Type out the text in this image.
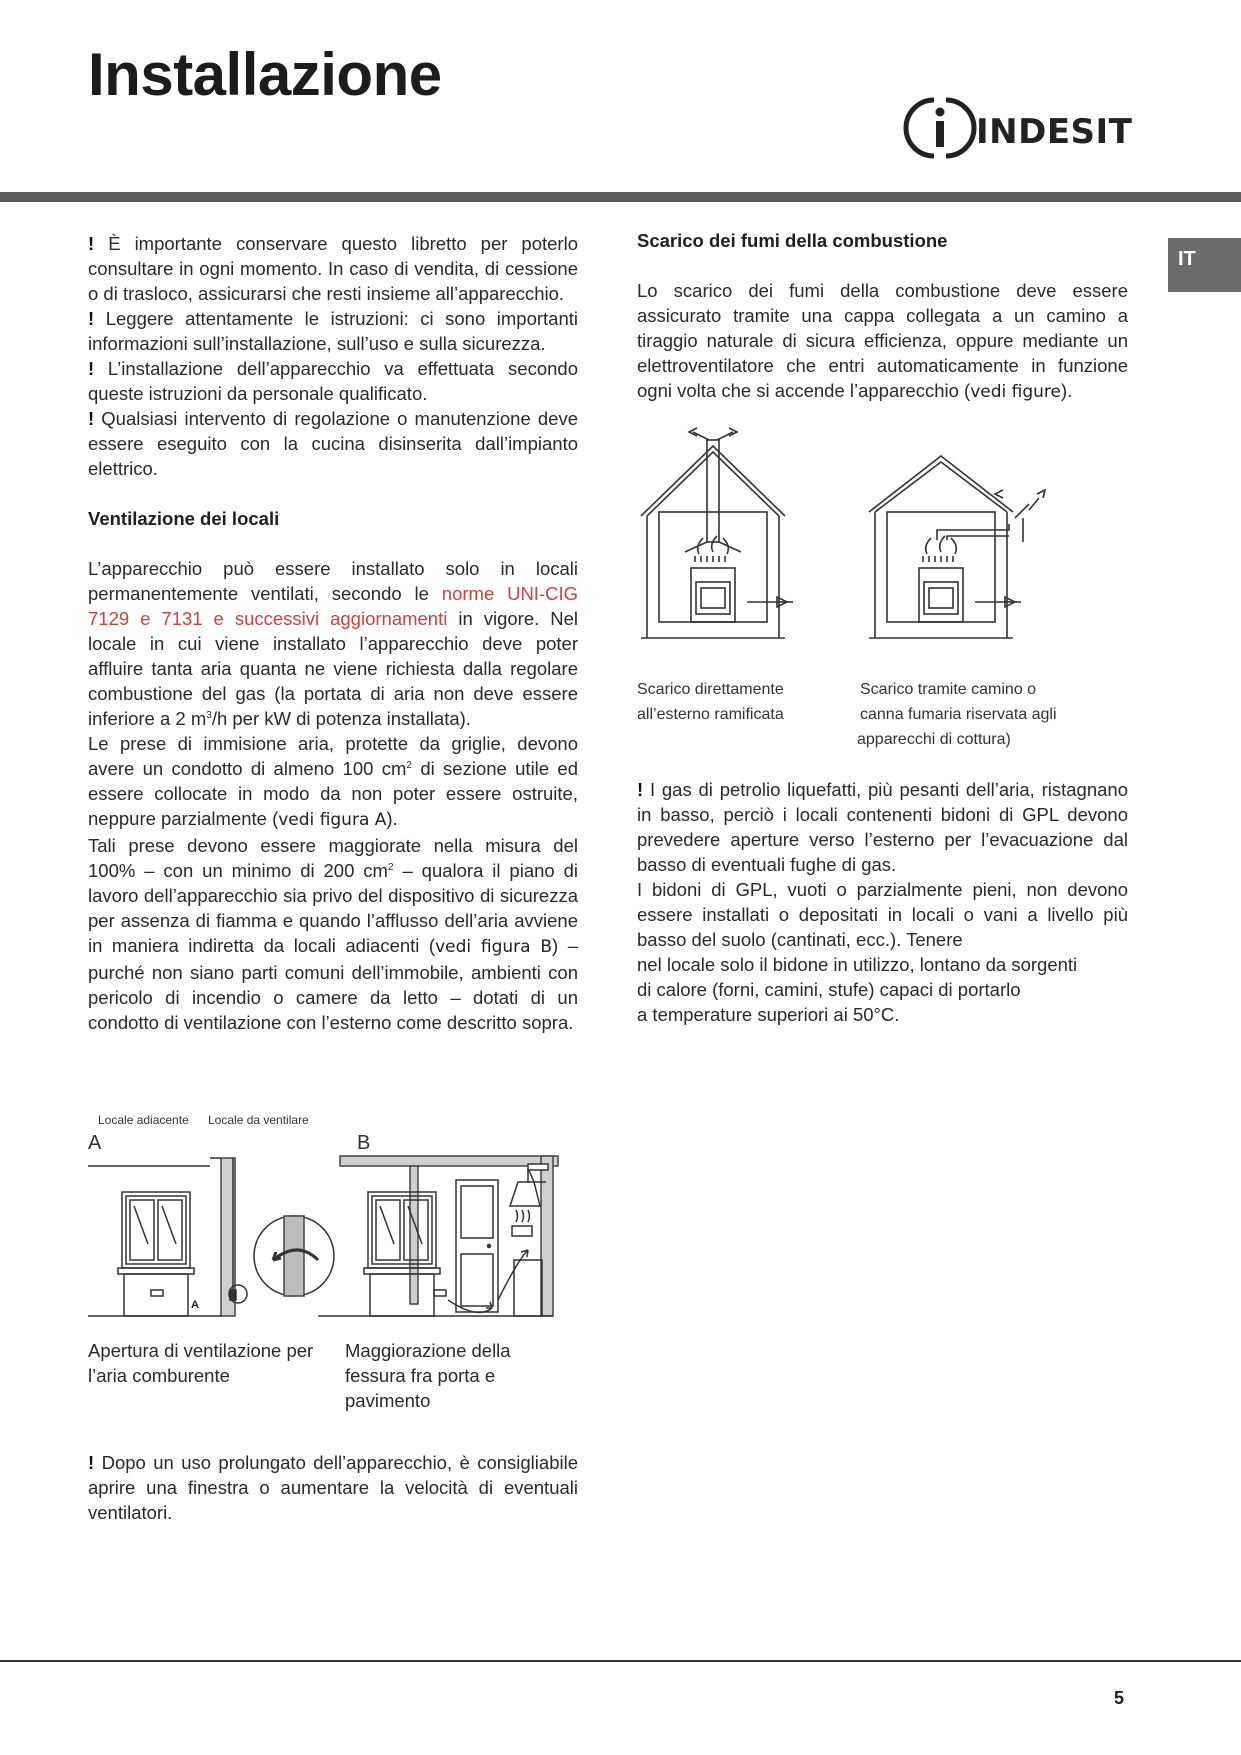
Installazione
INDESIT
IT

! È importante conservare questo libretto per poterlo consultare in ogni momento. In caso di vendita, di cessione o di trasloco, assicurarsi che resti insieme all’apparecchio.

! Leggere attentamente le istruzioni: ci sono importanti informazioni sull’installazione, sull’uso e sulla sicurezza.

! L’installazione dell’apparecchio va effettuata secondo queste istruzioni da personale qualificato.

! Qualsiasi intervento di regolazione o manutenzione deve essere eseguito con la cucina disinserita dall’impianto elettrico.

Ventilazione dei locali

L’apparecchio può essere installato solo in locali permanentemente ventilati, secondo le norme UNI-CIG 7129 e 7131 e successivi aggiornamenti in vigore. Nel locale in cui viene installato l’apparecchio deve poter affluire tanta aria quanta ne viene richiesta dalla regolare combustione del gas (la portata di aria non deve essere inferiore a 2 $m^3/h$ per kW di potenza installata).

Le prese di immisione aria, protette da griglie, devono avere un condotto di almeno 100 $cm^2$ di sezione utile ed essere collocate in modo da non poter essere ostruite, neppure parzialmente (vedi figura A).

Tali prese devono essere maggiorate nella misura del 100% – con un minimo di 200 $cm^2$ – qualora il piano di lavoro dell’apparecchio sia privo del dispositivo di sicurezza per assenza di fiamma e quando l’afflusso dell’aria avviene in maniera indiretta da locali adiacenti (vedi figura B) – purché non siano parti comuni dell’immobile, ambienti con pericolo di incendio o camere da letto – dotati di un condotto di ventilazione con l’esterno come descritto sopra.

Locale adiacente Locale da ventilare
A	B
A
Apertura di ventilazione per l’aria comburente
Maggiorazione della fessura fra porta e pavimento

! Dopo un uso prolungato dell’apparecchio, è consigliabile aprire una finestra o aumentare la velocità di eventuali ventilatori.

Scarico dei fumi della combustione

Lo scarico dei fumi della combustione deve essere assicurato tramite una cappa collegata a un camino a tiraggio naturale di sicura efficienza, oppure mediante un elettroventilatore che entri automaticamente in funzione ogni volta che si accende l’apparecchio (vedi figure).

Scarico direttamente
all’esterno ramificata
Scarico tramite camino o
canna fumaria riservata agli
apparecchi di cottura)

! I gas di petrolio liquefatti, più pesanti dell’aria, ristagnano in basso, perciò i locali contenenti bidoni di GPL devono prevedere aperture verso l’esterno per l’evacuazione dal basso di eventuali fughe di gas.

I bidoni di GPL, vuoti o parzialmente pieni, non devono essere installati o depositati in locali o vani a livello più basso del suolo (cantinati, ecc.). Tenere

nel locale solo il bidone in utilizzo, lontano da sorgenti

di calore (forni, camini, stufe) capaci di portarlo

a temperature superiori ai 50°C.

5
